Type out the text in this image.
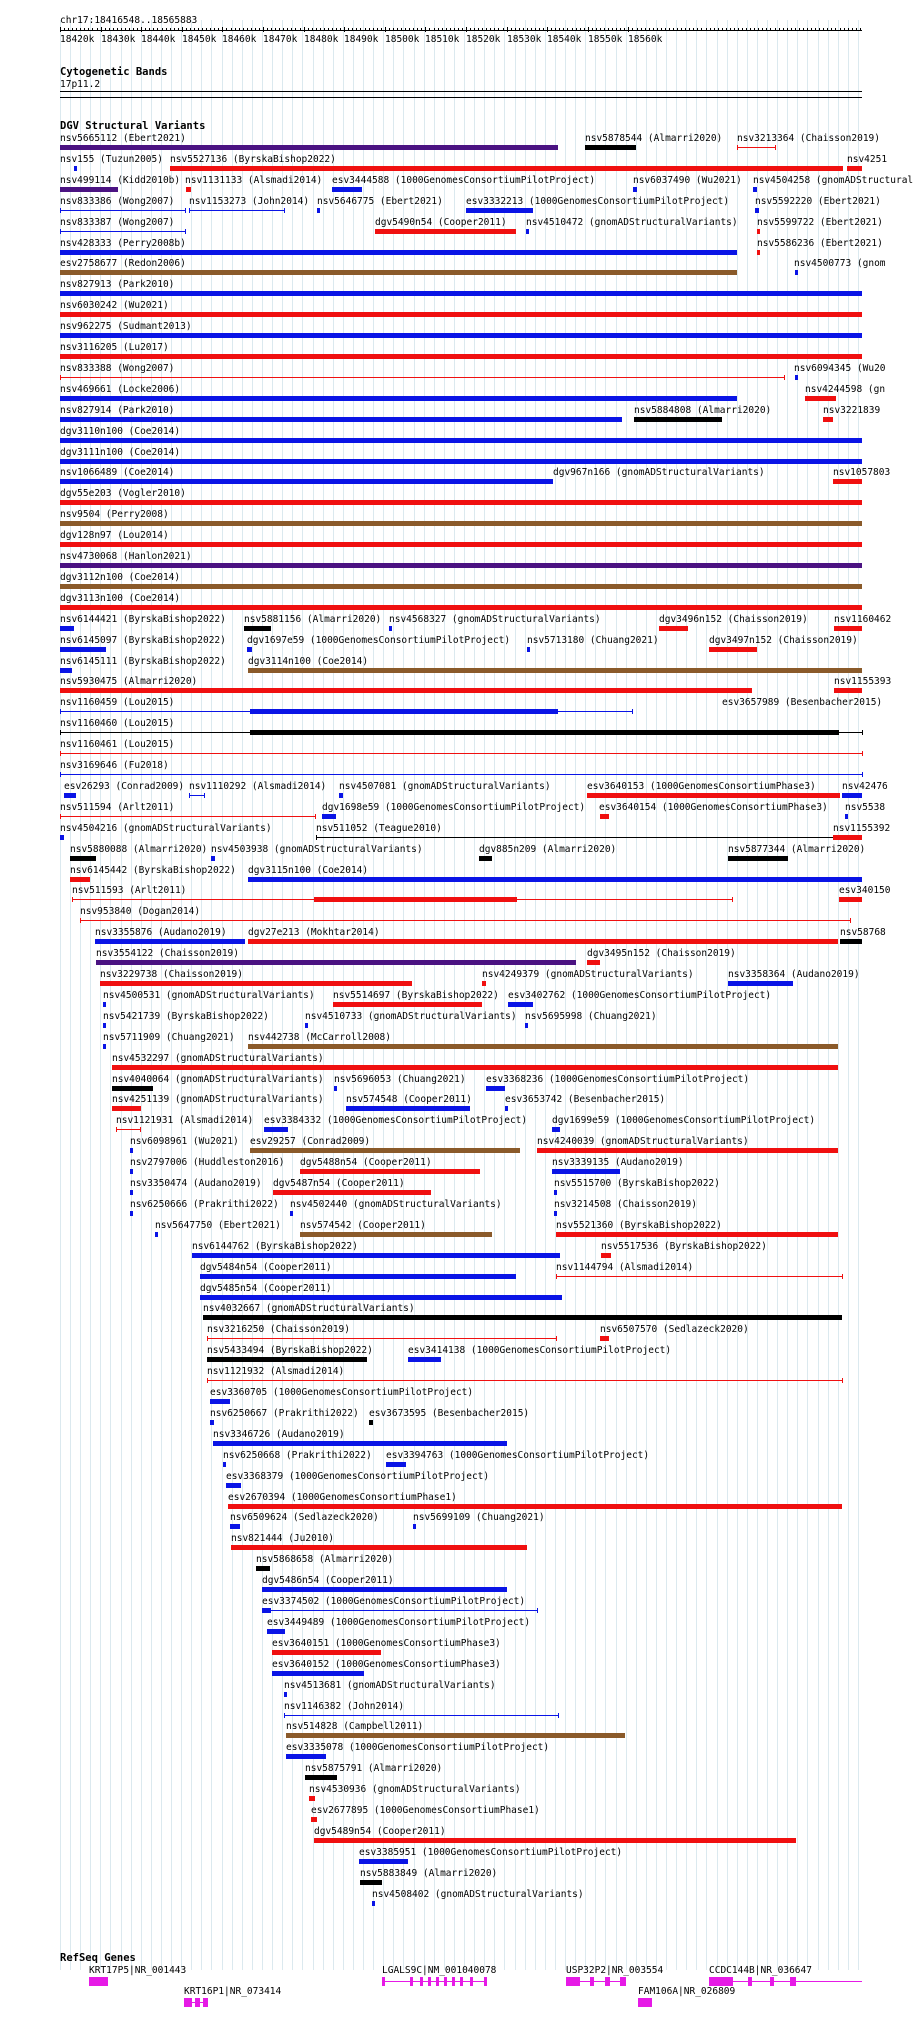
chr17:18416548..18565883
18420k 18430k 18440k 18450k 18460k 18470k 18480k 18490k 18500k 18510k 18520k 18530k 18540k 18550k 18560k
Cytogenetic Bands
17p11.2
DGV Structural Variants
nsv5665112 (Ebert2021)	nsv5878544 (Almarri2020) nsv3213364 (Chaisson2019)
nsv155 (Tuzun2005) nsv5527136 (ByrskaBishop2022)	nsv4251
nsv499114 (Kidd2010b) nsv1131133 (Alsmadi2014) esv3444588 (1000GenomesConsortiumPilotProject)	nsv6037490 (Wu2021) nsv4504258 (gnomADStructural
nsv833386 (Wong2007) nsv1153273 (John2014) nsv5646775 (Ebert2021) esv3332213 (1000GenomesConsortiumPilotProject)	nsv5592220 (Ebert2021)
nsv833387 (Wong2007)	dgv5490n54 (Cooper2011) nsv4510472 (gnomADStructuralVariants) nsv5599722 (Ebert2021)
nsv428333 (Perry2008b)	nsv5586236 (Ebert2021)
esv2758677 (Redon2006)	nsv4500773 (gnom
nsv827913 (Park2010)
nsv6030242 (Wu2021)
nsv962275 (Sudmant2013)
nsv3116205 (Lu2017)
nsv833388 (Wong2007)	nsv6094345 (Wu20
nsv469661 (Locke2006)	nsv4244598 (gn
nsv827914 (Park2010)	nsv5884808 (Almarri2020)	nsv3221839
dgv3110n100 (Coe2014)
dgv3111n100 (Coe2014)
nsv1066489 (Coe2014)	dgv967n166 (gnomADStructuralVariants)	nsv1057803
dgv55e203 (Vogler2010)
nsv9504 (Perry2008)
dgv128n97 (Lou2014)
nsv4730068 (Hanlon2021)
dgv3112n100 (Coe2014)
dgv3113n100 (Coe2014)
nsv6144421 (ByrskaBishop2022) nsv5881156 (Almarri2020) nsv4568327 (gnomADStructuralVariants)	dgv3496n152 (Chaisson2019)	nsv1160462
nsv6145097 (ByrskaBishop2022) dgv1697e59 (1000GenomesConsortiumPilotProject) nsv5713180 (Chuang2021)	dgv3497n152 (Chaisson2019)
nsv6145111 (ByrskaBishop2022) dgv3114n100 (Coe2014)
nsv5930475 (Almarri2020)	nsv1155393
nsv1160459 (Lou2015)	esv3657989 (Besenbacher2015)
nsv1160460 (Lou2015)
nsv1160461 (Lou2015)
nsv3169646 (Fu2018)
esv26293 (Conrad2009) nsv1110292 (Alsmadi2014) nsv4507081 (gnomADStructuralVariants)	esv3640153 (1000GenomesConsortiumPhase3)	nsv42476
nsv511594 (Arlt2011)	dgv1698e59 (1000GenomesConsortiumPilotProject) esv3640154 (1000GenomesConsortiumPhase3) nsv5538
nsv4504216 (gnomADStructuralVariants)	nsv511052 (Teague2010)	nsv1155392
nsv5880088 (Almarri2020) nsv4503938 (gnomADStructuralVariants)	dgv885n209 (Almarri2020)	nsv5877344 (Almarri2020)
nsv6145442 (ByrskaBishop2022) dgv3115n100 (Coe2014)
nsv511593 (Arlt2011)	esv340150
nsv953840 (Dogan2014)
nsv3355876 (Audano2019) dgv27e213 (Mokhtar2014)	nsv58768
nsv3554122 (Chaisson2019)	dgv3495n152 (Chaisson2019)
nsv3229738 (Chaisson2019)	nsv4249379 (gnomADStructuralVariants)	nsv3358364 (Audano2019)
nsv4500531 (gnomADStructuralVariants) nsv5514697 (ByrskaBishop2022) esv3402762 (1000GenomesConsortiumPilotProject)
nsv5421739 (ByrskaBishop2022)	nsv4510733 (gnomADStructuralVariants) nsv5695998 (Chuang2021)
nsv5711909 (Chuang2021) nsv442738 (McCarroll2008)
nsv4532297 (gnomADStructuralVariants)
nsv4040064 (gnomADStructuralVariants) nsv5696053 (Chuang2021) esv3368236 (1000GenomesConsortiumPilotProject)
nsv4251139 (gnomADStructuralVariants) nsv574548 (Cooper2011)	esv3653742 (Besenbacher2015)
nsv1121931 (Alsmadi2014) esv3384332 (1000GenomesConsortiumPilotProject)	dgv1699e59 (1000GenomesConsortiumPilotProject)
nsv6098961 (Wu2021) esv29257 (Conrad2009)	nsv4240039 (gnomADStructuralVariants)
nsv2797006 (Huddleston2016) dgv5488n54 (Cooper2011)	nsv3339135 (Audano2019)
nsv3350474 (Audano2019) dgv5487n54 (Cooper2011)	nsv5515700 (ByrskaBishop2022)
nsv6250666 (Prakrithi2022) nsv4502440 (gnomADStructuralVariants)	nsv3214508 (Chaisson2019)
nsv5647750 (Ebert2021) nsv574542 (Cooper2011)	nsv5521360 (ByrskaBishop2022)
nsv6144762 (ByrskaBishop2022)	nsv5517536 (ByrskaBishop2022)
dgv5484n54 (Cooper2011)	nsv1144794 (Alsmadi2014)
dgv5485n54 (Cooper2011)
nsv4032667 (gnomADStructuralVariants)
nsv3216250 (Chaisson2019)	nsv6507570 (Sedlazeck2020)
nsv5433494 (ByrskaBishop2022)	esv3414138 (1000GenomesConsortiumPilotProject)
nsv1121932 (Alsmadi2014)
esv3360705 (1000GenomesConsortiumPilotProject)
nsv6250667 (Prakrithi2022) esv3673595 (Besenbacher2015)
nsv3346726 (Audano2019)
nsv6250668 (Prakrithi2022) esv3394763 (1000GenomesConsortiumPilotProject)
esv3368379 (1000GenomesConsortiumPilotProject)
esv2670394 (1000GenomesConsortiumPhase1)
nsv6509624 (Sedlazeck2020)	nsv5699109 (Chuang2021)
nsv821444 (Ju2010)
nsv5868658 (Almarri2020)
dgv5486n54 (Cooper2011)
esv3374502 (1000GenomesConsortiumPilotProject)
esv3449489 (1000GenomesConsortiumPilotProject)
esv3640151 (1000GenomesConsortiumPhase3)
esv3640152 (1000GenomesConsortiumPhase3)
nsv4513681 (gnomADStructuralVariants)
nsv1146382 (John2014)
nsv514828 (Campbell2011)
esv3335078 (1000GenomesConsortiumPilotProject)
nsv5875791 (Almarri2020)
nsv4530936 (gnomADStructuralVariants)
esv2677895 (1000GenomesConsortiumPhase1)
dgv5489n54 (Cooper2011)
esv3385951 (1000GenomesConsortiumPilotProject)
nsv5883849 (Almarri2020)
nsv4508402 (gnomADStructuralVariants)
RefSeq Genes
KRT17P5|NR_001443
KRT16P1|NR_073414
LGALS9C|NM_001040078	USP32P2|NR_003554
FAM106A|NR_026809
CCDC144B|NR_036647
